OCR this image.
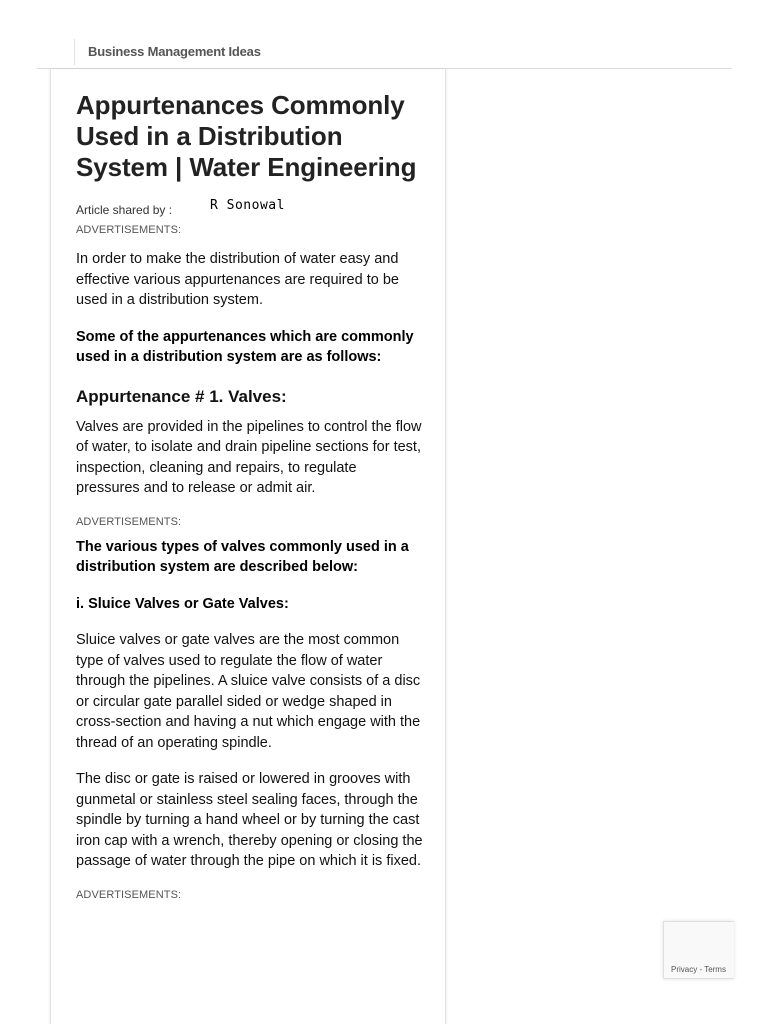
Business Management Ideas
Appurtenances Commonly Used in a Distribution System | Water Engineering
Article shared by :	R Sonowal

ADVERTISEMENTS:

In order to make the distribution of water easy and effective various appurtenances are required to be used in a distribution system.

Some of the appurtenances which are commonly used in a distribution system are as follows:

Appurtenance # 1. Valves:

Valves are provided in the pipelines to control the flow of water, to isolate and drain pipeline sections for test, inspection, cleaning and repairs, to regulate pressures and to release or admit air.

ADVERTISEMENTS:

The various types of valves commonly used in a distribution system are described below:

i. Sluice Valves or Gate Valves:

Sluice valves or gate valves are the most common type of valves used to regulate the flow of water through the pipelines. A sluice valve consists of a disc or circular gate parallel sided or wedge shaped in cross-section and having a nut which engage with the thread of an operating spindle.

The disc or gate is raised or lowered in grooves with gunmetal or stainless steel sealing faces, through the spindle by turning a hand wheel or by turning the cast iron cap with a wrench, thereby opening or closing the passage of water through the pipe on which it is fixed.

ADVERTISEMENTS:

Privacy - Terms
